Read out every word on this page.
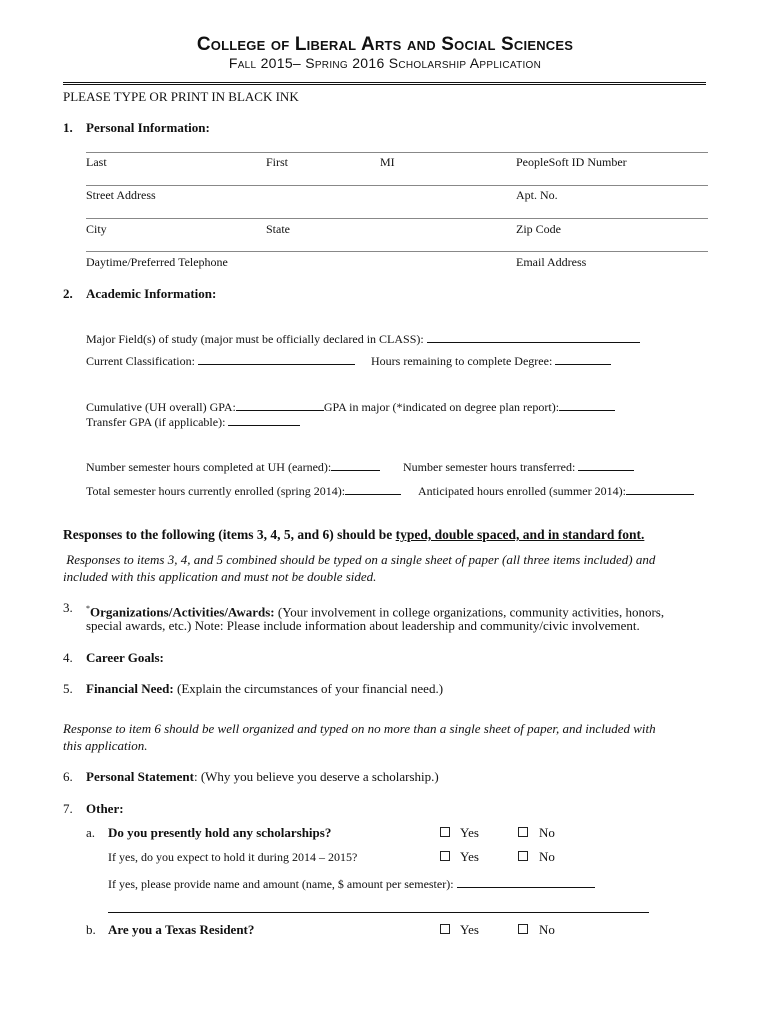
College of Liberal Arts and Social Sciences
Fall 2015– Spring 2016 Scholarship Application
PLEASE TYPE OR PRINT IN BLACK INK
1. Personal Information:
Last	First	MI	PeopleSoft ID Number
Street Address	Apt. No.
City	State	Zip Code
Daytime/Preferred Telephone	Email Address
2. Academic Information:
Major Field(s) of study (major must be officially declared in CLASS):
Current Classification:	Hours remaining to complete Degree:
Cumulative (UH overall) GPA:	GPA in major (*indicated on degree plan report):
Transfer GPA (if applicable):
Number semester hours completed at UH (earned):	Number semester hours transferred:
Total semester hours currently enrolled (spring 2014):	Anticipated hours enrolled (summer 2014):
Responses to the following (items 3, 4, 5, and 6) should be typed, double spaced, and in standard font.
Responses to items 3, 4, and 5 combined should be typed on a single sheet of paper (all three items included) and
included with this application and must not be double sided.
3. *Organizations/Activities/Awards: (Your involvement in college organizations, community activities, honors,
special awards, etc.) Note: Please include information about leadership and community/civic involvement.
4. Career Goals:
5. Financial Need: (Explain the circumstances of your financial need.)
Response to item 6 should be well organized and typed on no more than a single sheet of paper, and included with
this application.
6. Personal Statement: (Why you believe you deserve a scholarship.)
7. Other:
a. Do you presently hold any scholarships?	Yes	No
If yes, do you expect to hold it during 2014 – 2015?	Yes	No
If yes, please provide name and amount (name, $ amount per semester):
b. Are you a Texas Resident?	Yes	No
